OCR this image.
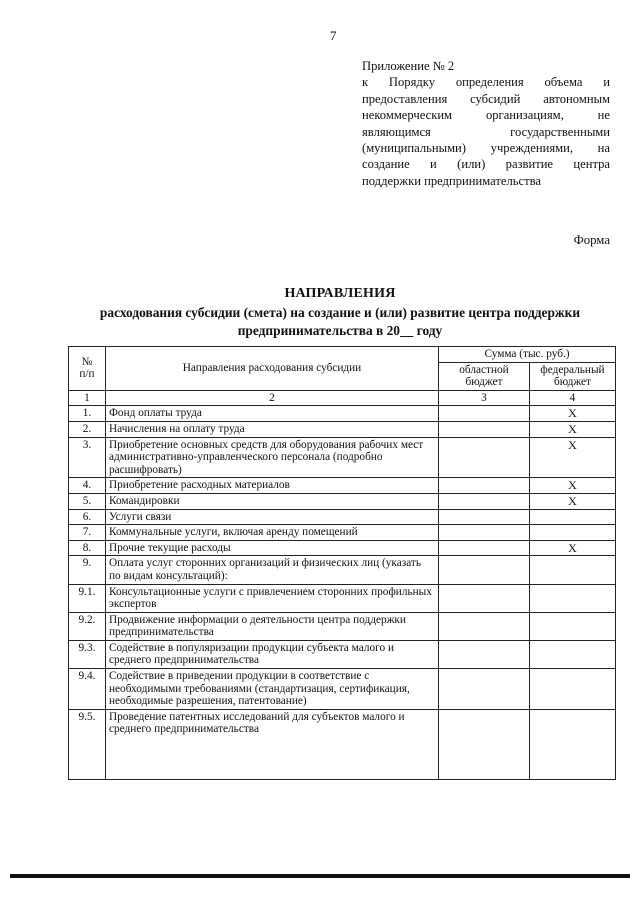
7
Приложение № 2
к Порядку определения объема и
предоставления субсидий автономным
некоммерческим организациям, не
являющимся государственными
(муниципальными) учреждениями, на
создание и (или) развитие центра
поддержки предпринимательства
Форма

НАПРАВЛЕНИЯ

расходования субсидии (смета) на создание и (или) развитие центра поддержки
предпринимательства в 20__ году

№
п/п	Направления расходования субсидии	Сумма (тыс. руб.)	
		областной бюджет	федеральный бюджет
1	2	3	4
1.	Фонд оплаты труда		Х
2.	Начисления на оплату труда		Х
3.	Приобретение основных средств для оборудования рабочих мест административно-управленческого персонала (подробно расшифровать)		Х
4.	Приобретение расходных материалов		Х
5.	Командировки		Х
6.	Услуги связи		
7.	Коммунальные услуги, включая аренду помещений		
8.	Прочие текущие расходы		Х
9.	Оплата услуг сторонних организаций и физических лиц (указать по видам консультаций):		
9.1.	Консультационные услуги с привлечением сторонних профильных экспертов		
9.2.	Продвижение информации о деятельности центра поддержки предпринимательства		
9.3.	Содействие в популяризации продукции субъекта малого и среднего предпринимательства		
9.4.	Содействие в приведении продукции в соответствие с необходимыми требованиями (стандартизация, сертификация, необходимые разрешения, патентование)		
9.5.	Проведение патентных исследований для субъектов малого и среднего предпринимательства		
